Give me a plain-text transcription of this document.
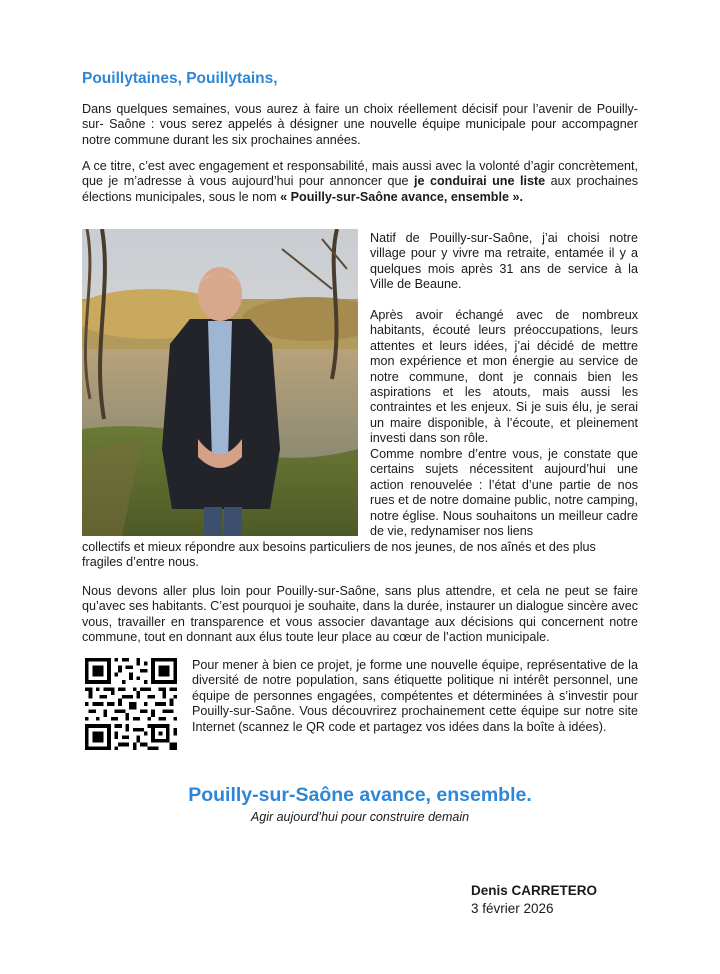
Pouillytaines, Pouillytains,

Dans quelques semaines, vous aurez à faire un choix réellement décisif pour l’avenir de Pouilly-sur- Saône : vous serez appelés à désigner une nouvelle équipe municipale pour accompagner notre commune durant les six prochaines années.

A ce titre, c’est avec engagement et responsabilité, mais aussi avec la volonté d’agir concrètement, que je m’adresse à vous aujourd’hui pour annoncer que je conduirai une liste aux prochaines élections municipales, sous le nom « Pouilly-sur-Saône avance, ensemble ».

Natif de Pouilly-sur-Saône, j’ai choisi notre village pour y vivre ma retraite, entamée il y a quelques mois après 31 ans de service à la Ville de Beaune.

Après avoir échangé avec de nombreux habitants, écouté leurs préoccupations, leurs attentes et leurs idées, j’ai décidé de mettre mon expérience et mon énergie au service de notre commune, dont je connais bien les aspirations et les atouts, mais aussi les contraintes et les enjeux. Si je suis élu, je serai un maire disponible, à l’écoute, et pleinement investi dans son rôle.

Comme nombre d’entre vous, je constate que certains sujets nécessitent aujourd’hui une action renouvelée : l’état d’une partie de nos rues et de notre domaine public, notre camping, notre église. Nous souhaitons un meilleur cadre de vie, redynamiser nos liens

collectifs et mieux répondre aux besoins particuliers de nos jeunes, de nos aînés et des plus fragiles d’entre nous.

Nous devons aller plus loin pour Pouilly-sur-Saône, sans plus attendre, et cela ne peut se faire qu’avec ses habitants. C’est pourquoi je souhaite, dans la durée, instaurer un dialogue sincère avec vous, travailler en transparence et vous associer davantage aux décisions qui concernent notre commune, tout en donnant aux élus toute leur place au cœur de l’action municipale.

Pour mener à bien ce projet, je forme une nouvelle équipe, représentative de la diversité de notre population, sans étiquette politique ni intérêt personnel, une équipe de personnes engagées, compétentes et déterminées à s’investir pour Pouilly-sur-Saône. Vous découvrirez prochainement cette équipe sur notre site Internet (scannez le QR code et partagez vos idées dans la boîte à idées).

Pouilly-sur-Saône avance, ensemble.
Agir aujourd’hui pour construire demain
Denis CARRETERO
3 février 2026
